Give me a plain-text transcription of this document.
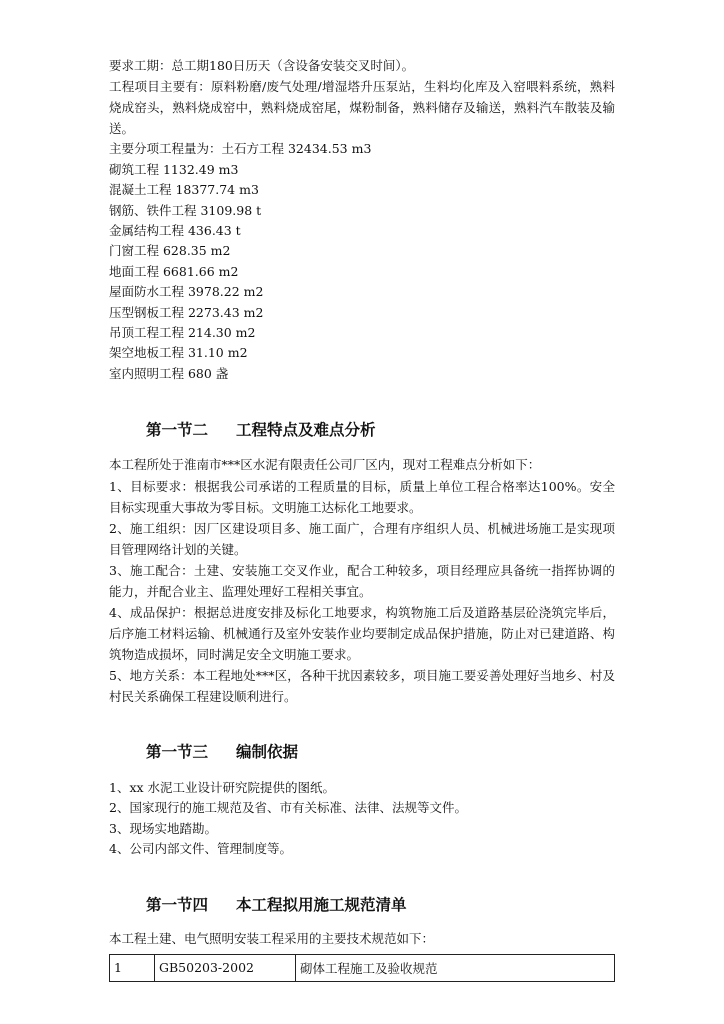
要求工期：总工期180日历天（含设备安装交叉时间）。
工程项目主要有：原料粉磨/废气处理/增湿塔升压泵站，生料均化库及入窑喂料系统，熟料烧成窑头，熟料烧成窑中，熟料烧成窑尾，煤粉制备，熟料储存及输送，熟料汽车散装及输送。
主要分项工程量为：土石方工程 32434.53 m3
砌筑工程 1132.49 m3
混凝土工程 18377.74 m3
钢筋、铁件工程 3109.98 t
金属结构工程 436.43 t
门窗工程 628.35 m2
地面工程 6681.66 m2
屋面防水工程 3978.22 m2
压型钢板工程 2273.43 m2
吊顶工程工程 214.30 m2
架空地板工程 31.10 m2
室内照明工程 680 盏
第一节二 工程特点及难点分析
本工程所处于淮南市***区水泥有限责任公司厂区内，现对工程难点分析如下：
1、目标要求：根据我公司承诺的工程质量的目标，质量上单位工程合格率达100%。安全目标实现重大事故为零目标。文明施工达标化工地要求。
2、施工组织：因厂区建设项目多、施工面广，合理有序组织人员、机械进场施工是实现项目管理网络计划的关键。
3、施工配合：土建、安装施工交叉作业，配合工种较多，项目经理应具备统一指挥协调的能力，并配合业主、监理处理好工程相关事宜。
4、成品保护：根据总进度安排及标化工地要求，构筑物施工后及道路基层砼浇筑完毕后，后序施工材料运输、机械通行及室外安装作业均要制定成品保护措施，防止对已建道路、构筑物造成损坏，同时满足安全文明施工要求。
5、地方关系：本工程地处***区，各种干扰因素较多，项目施工要妥善处理好当地乡、村及村民关系确保工程建设顺利进行。
第一节三 编制依据
1、xx 水泥工业设计研究院提供的图纸。
2、国家现行的施工规范及省、市有关标准、法律、法规等文件。
3、现场实地踏勘。
4、公司内部文件、管理制度等。
第一节四 本工程拟用施工规范清单
本工程土建、电气照明安装工程采用的主要技术规范如下：
1	GB50203-2002	砌体工程施工及验收规范
